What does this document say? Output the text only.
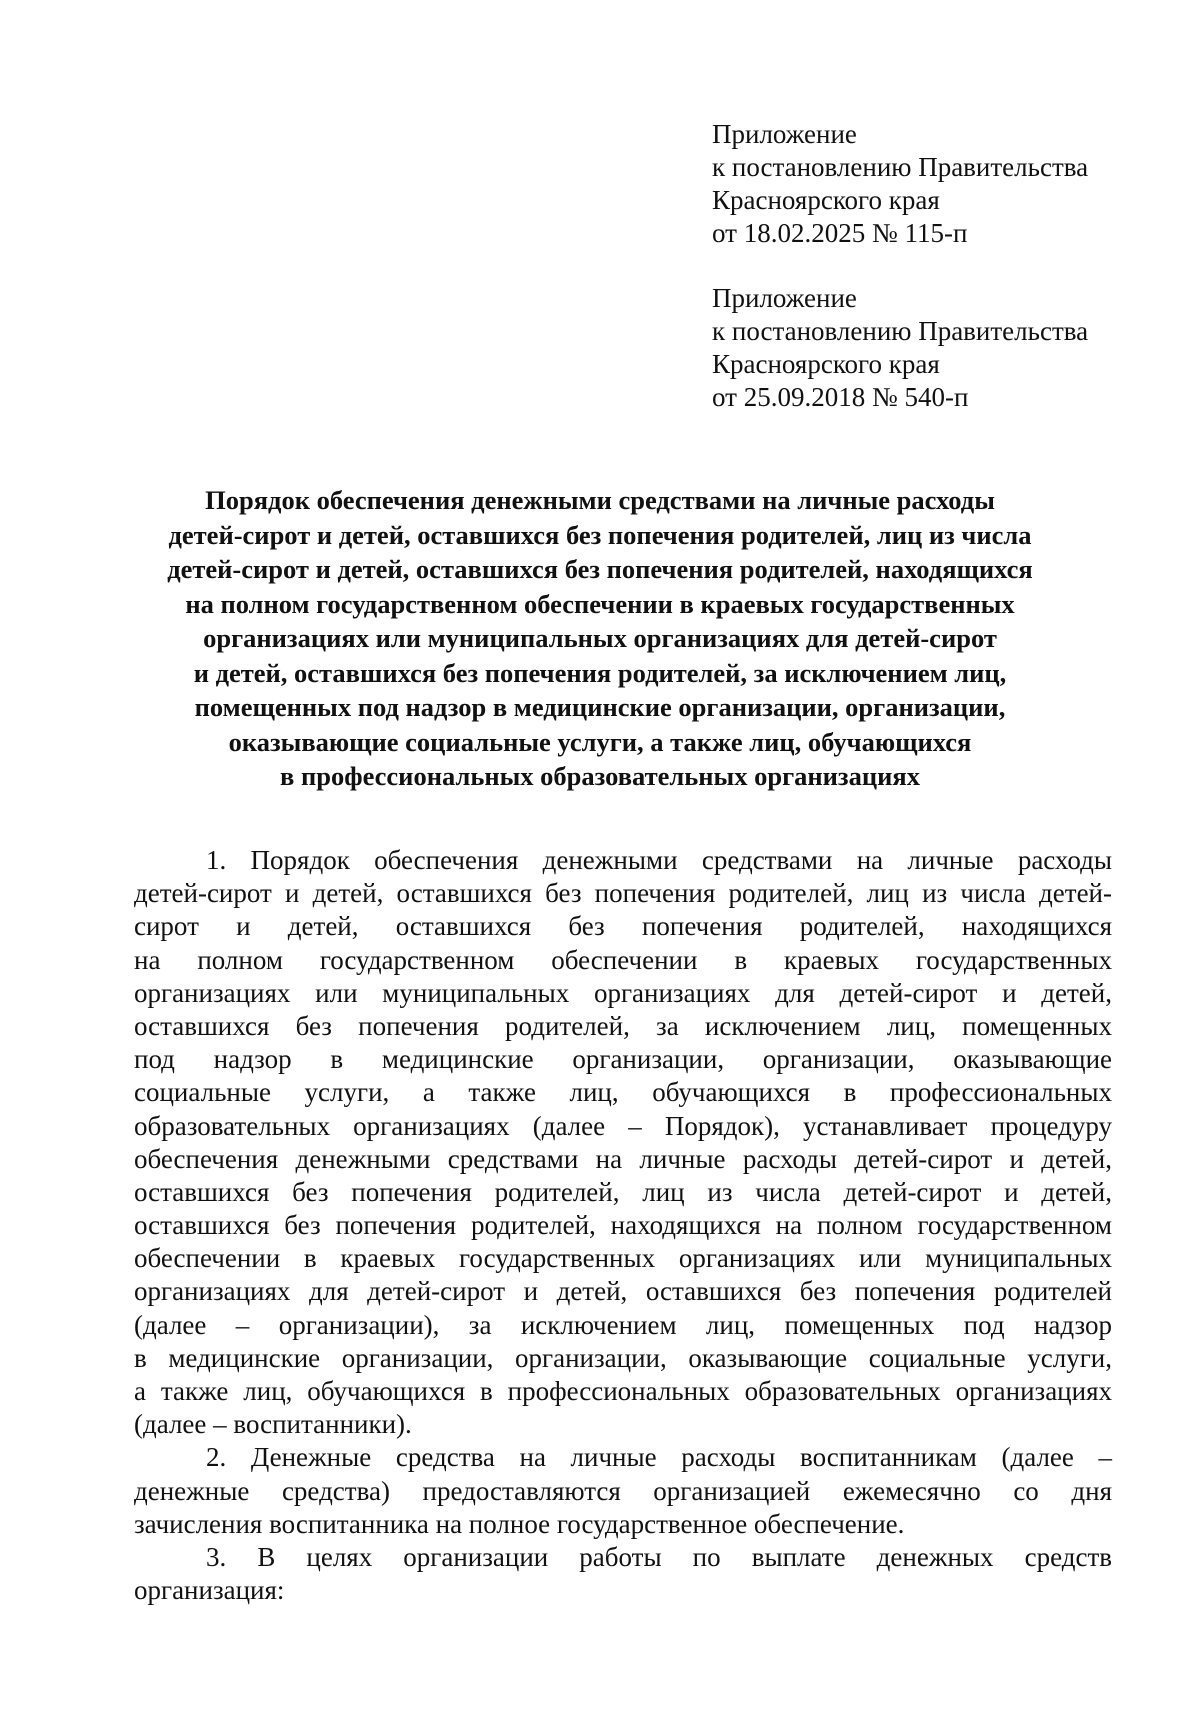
Приложение
к постановлению Правительства
Красноярского края
от 18.02.2025 № 115-п
Приложение
к постановлению Правительства
Красноярского края
от 25.09.2018 № 540-п
Порядок обеспечения денежными средствами на личные расходы
детей-сирот и детей, оставшихся без попечения родителей, лиц из числа
детей-сирот и детей, оставшихся без попечения родителей, находящихся
на полном государственном обеспечении в краевых государственных
организациях или муниципальных организациях для детей-сирот
и детей, оставшихся без попечения родителей, за исключением лиц,
помещенных под надзор в медицинские организации, организации,
оказывающие социальные услуги, а также лиц, обучающихся
в профессиональных образовательных организациях
1. Порядок обеспечения денежными средствами на личные расходы
детей-сирот и детей, оставшихся без попечения родителей, лиц из числа детей-
сирот и детей, оставшихся без попечения родителей, находящихся
на полном государственном обеспечении в краевых государственных
организациях или муниципальных организациях для детей-сирот и детей,
оставшихся без попечения родителей, за исключением лиц, помещенных
под надзор в медицинские организации, организации, оказывающие
социальные услуги, а также лиц, обучающихся в профессиональных
образовательных организациях (далее – Порядок), устанавливает процедуру
обеспечения денежными средствами на личные расходы детей-сирот и детей,
оставшихся без попечения родителей, лиц из числа детей-сирот и детей,
оставшихся без попечения родителей, находящихся на полном государственном
обеспечении в краевых государственных организациях или муниципальных
организациях для детей-сирот и детей, оставшихся без попечения родителей
(далее – организации), за исключением лиц, помещенных под надзор
в медицинские организации, организации, оказывающие социальные услуги,
а также лиц, обучающихся в профессиональных образовательных организациях
(далее – воспитанники).
2. Денежные средства на личные расходы воспитанникам (далее –
денежные средства) предоставляются организацией ежемесячно со дня
зачисления воспитанника на полное государственное обеспечение.
3. В целях организации работы по выплате денежных средств
организация:
